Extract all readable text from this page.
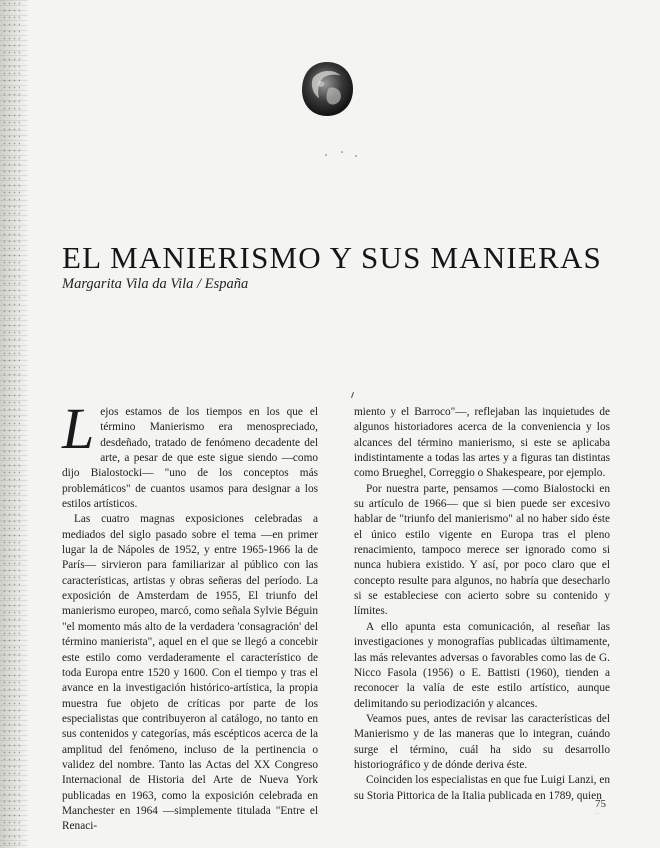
EL MANIERISMO Y SUS MANIERAS
Margarita Vila da Vila / España
L ejos estamos de los tiempos en los que el término Manierismo era menospreciado, desdeñado, tratado de fenómeno decadente del arte, a pesar de que este sigue siendo —como dijo Bialostocki— "uno de los conceptos más problemáticos" de cuantos usamos para designar a los estilos artísticos.

Las cuatro magnas exposiciones celebradas a mediados del siglo pasado sobre el tema —en primer lugar la de Nápoles de 1952, y entre 1965-1966 la de París— sirvieron para familiarizar al público con las características, artistas y obras señeras del período. La exposición de Amsterdam de 1955, El triunfo del manierismo europeo, marcó, como señala Sylvie Béguin "el momento más alto de la verdadera 'consagración' del término manierista", aquel en el que se llegó a concebir este estilo como verdaderamente el característico de toda Europa entre 1520 y 1600. Con el tiempo y tras el avance en la investigación histórico-artística, la propia muestra fue objeto de críticas por parte de los especialistas que contribuyeron al catálogo, no tanto en sus contenidos y categorías, más escépticos acerca de la amplitud del fenómeno, incluso de la pertinencia o validez del nombre. Tanto las Actas del XX Congreso Internacional de Historia del Arte de Nueva York publicadas en 1963, como la exposición celebrada en Manchester en 1964 —simplemente titulada "Entre el Renaci-

miento y el Barroco"—, reflejaban las inquietudes de algunos historiadores acerca de la conveniencia y los alcances del término manierismo, si este se aplicaba indistintamente a todas las artes y a figuras tan distintas como Brueghel, Correggio o Shakespeare, por ejemplo.

Por nuestra parte, pensamos —como Bialostocki en su artículo de 1966— que si bien puede ser excesivo hablar de "triunfo del manierismo" al no haber sido éste el único estilo vigente en Europa tras el pleno renacimiento, tampoco merece ser ignorado como si nunca hubiera existido. Y así, por poco claro que el concepto resulte para algunos, no habría que desecharlo si se estableciese con acierto sobre su contenido y límites.

A ello apunta esta comunicación, al reseñar las investigaciones y monografías publicadas últimamente, las más relevantes adversas o favorables como las de G. Nicco Fasola (1956) o E. Battisti (1960), tienden a reconocer la valía de este estilo artístico, aunque delimitando su periodización y alcances.

Veamos pues, antes de revisar las características del Manierismo y de las maneras que lo integran, cuándo surge el término, cuál ha sido su desarrollo historiográfico y de dónde deriva éste.

Coinciden los especialistas en que fue Luigi Lanzi, en su Storia Pittorica de la Italia publicada en 1789, quien

75
··
